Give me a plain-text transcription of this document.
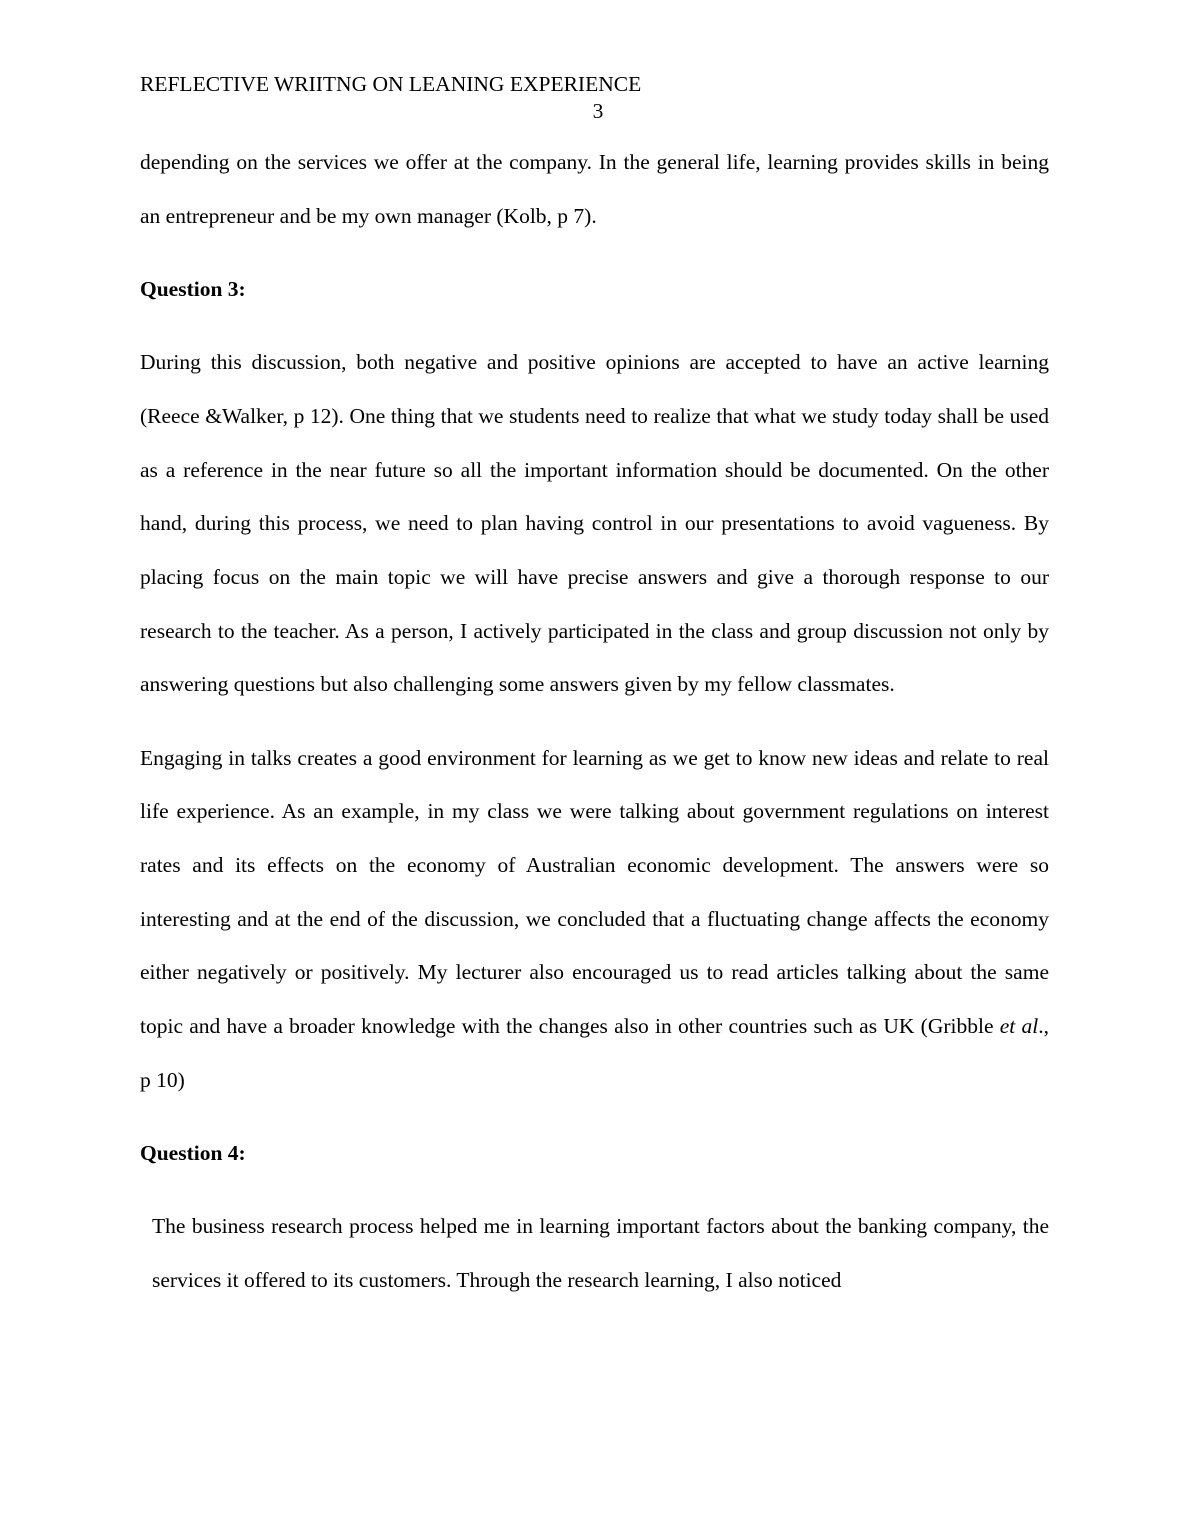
REFLECTIVE WRIITNG ON LEANING EXPERIENCE
3

depending on the services we offer at the company. In the general life, learning provides skills in being an entrepreneur and be my own manager (Kolb, p 7).

Question 3:

During this discussion, both negative and positive opinions are accepted to have an active learning (Reece &Walker, p 12). One thing that we students need to realize that what we study today shall be used as a reference in the near future so all the important information should be documented. On the other hand, during this process, we need to plan having control in our presentations to avoid vagueness. By placing focus on the main topic we will have precise answers and give a thorough response to our research to the teacher. As a person, I actively participated in the class and group discussion not only by answering questions but also challenging some answers given by my fellow classmates.

Engaging in talks creates a good environment for learning as we get to know new ideas and relate to real life experience. As an example, in my class we were talking about government regulations on interest rates and its effects on the economy of Australian economic development. The answers were so interesting and at the end of the discussion, we concluded that a fluctuating change affects the economy either negatively or positively. My lecturer also encouraged us to read articles talking about the same topic and have a broader knowledge with the changes also in other countries such as UK (Gribble et al., p 10)

Question 4:

The business research process helped me in learning important factors about the banking company, the services it offered to its customers. Through the research learning, I also noticed
